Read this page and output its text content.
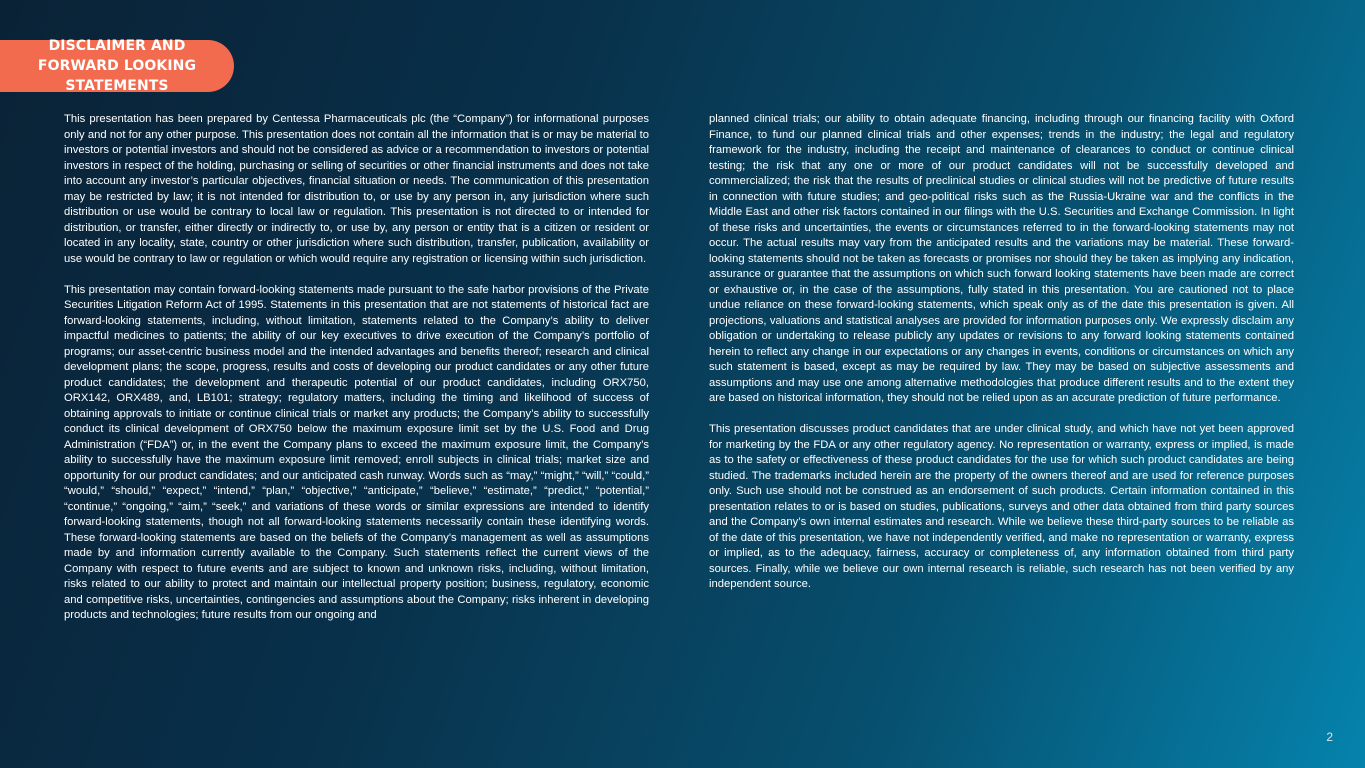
DISCLAIMER AND FORWARD LOOKING STATEMENTS

This presentation has been prepared by Centessa Pharmaceuticals plc (the “Company”) for informational purposes only and not for any other purpose. This presentation does not contain all the information that is or may be material to investors or potential investors and should not be considered as advice or a recommendation to investors or potential investors in respect of the holding, purchasing or selling of securities or other financial instruments and does not take into account any investor’s particular objectives, financial situation or needs. The communication of this presentation may be restricted by law; it is not intended for distribution to, or use by any person in, any jurisdiction where such distribution or use would be contrary to local law or regulation. This presentation is not directed to or intended for distribution, or transfer, either directly or indirectly to, or use by, any person or entity that is a citizen or resident or located in any locality, state, country or other jurisdiction where such distribution, transfer, publication, availability or use would be contrary to law or regulation or which would require any registration or licensing within such jurisdiction.

This presentation may contain forward-looking statements made pursuant to the safe harbor provisions of the Private Securities Litigation Reform Act of 1995. Statements in this presentation that are not statements of historical fact are forward-looking statements, including, without limitation, statements related to the Company’s ability to deliver impactful medicines to patients; the ability of our key executives to drive execution of the Company’s portfolio of programs; our asset-centric business model and the intended advantages and benefits thereof; research and clinical development plans; the scope, progress, results and costs of developing our product candidates or any other future product candidates; the development and therapeutic potential of our product candidates, including ORX750, ORX142, ORX489, and, LB101; strategy; regulatory matters, including the timing and likelihood of success of obtaining approvals to initiate or continue clinical trials or market any products; the Company’s ability to successfully conduct its clinical development of ORX750 below the maximum exposure limit set by the U.S. Food and Drug Administration (“FDA”) or, in the event the Company plans to exceed the maximum exposure limit, the Company’s ability to successfully have the maximum exposure limit removed; enroll subjects in clinical trials; market size and opportunity for our product candidates; and our anticipated cash runway. Words such as “may,” “might,” “will,” “could,” “would,” “should,” “expect,” “intend,” “plan,” “objective,” “anticipate,” “believe,” “estimate,” “predict,” “potential,” “continue,” “ongoing,” “aim,” “seek,” and variations of these words or similar expressions are intended to identify forward-looking statements, though not all forward-looking statements necessarily contain these identifying words. These forward-looking statements are based on the beliefs of the Company's management as well as assumptions made by and information currently available to the Company. Such statements reflect the current views of the Company with respect to future events and are subject to known and unknown risks, including, without limitation, risks related to our ability to protect and maintain our intellectual property position; business, regulatory, economic and competitive risks, uncertainties, contingencies and assumptions about the Company; risks inherent in developing products and technologies; future results from our ongoing and

planned clinical trials; our ability to obtain adequate financing, including through our financing facility with Oxford Finance, to fund our planned clinical trials and other expenses; trends in the industry; the legal and regulatory framework for the industry, including the receipt and maintenance of clearances to conduct or continue clinical testing; the risk that any one or more of our product candidates will not be successfully developed and commercialized; the risk that the results of preclinical studies or clinical studies will not be predictive of future results in connection with future studies; and geo-political risks such as the Russia-Ukraine war and the conflicts in the Middle East and other risk factors contained in our filings with the U.S. Securities and Exchange Commission. In light of these risks and uncertainties, the events or circumstances referred to in the forward-looking statements may not occur. The actual results may vary from the anticipated results and the variations may be material. These forward-looking statements should not be taken as forecasts or promises nor should they be taken as implying any indication, assurance or guarantee that the assumptions on which such forward looking statements have been made are correct or exhaustive or, in the case of the assumptions, fully stated in this presentation. You are cautioned not to place undue reliance on these forward-looking statements, which speak only as of the date this presentation is given. All projections, valuations and statistical analyses are provided for information purposes only. We expressly disclaim any obligation or undertaking to release publicly any updates or revisions to any forward looking statements contained herein to reflect any change in our expectations or any changes in events, conditions or circumstances on which any such statement is based, except as may be required by law. They may be based on subjective assessments and assumptions and may use one among alternative methodologies that produce different results and to the extent they are based on historical information, they should not be relied upon as an accurate prediction of future performance.

This presentation discusses product candidates that are under clinical study, and which have not yet been approved for marketing by the FDA or any other regulatory agency. No representation or warranty, express or implied, is made as to the safety or effectiveness of these product candidates for the use for which such product candidates are being studied. The trademarks included herein are the property of the owners thereof and are used for reference purposes only. Such use should not be construed as an endorsement of such products. Certain information contained in this presentation relates to or is based on studies, publications, surveys and other data obtained from third party sources and the Company’s own internal estimates and research. While we believe these third-party sources to be reliable as of the date of this presentation, we have not independently verified, and make no representation or warranty, express or implied, as to the adequacy, fairness, accuracy or completeness of, any information obtained from third party sources. Finally, while we believe our own internal research is reliable, such research has not been verified by any independent source.

2
